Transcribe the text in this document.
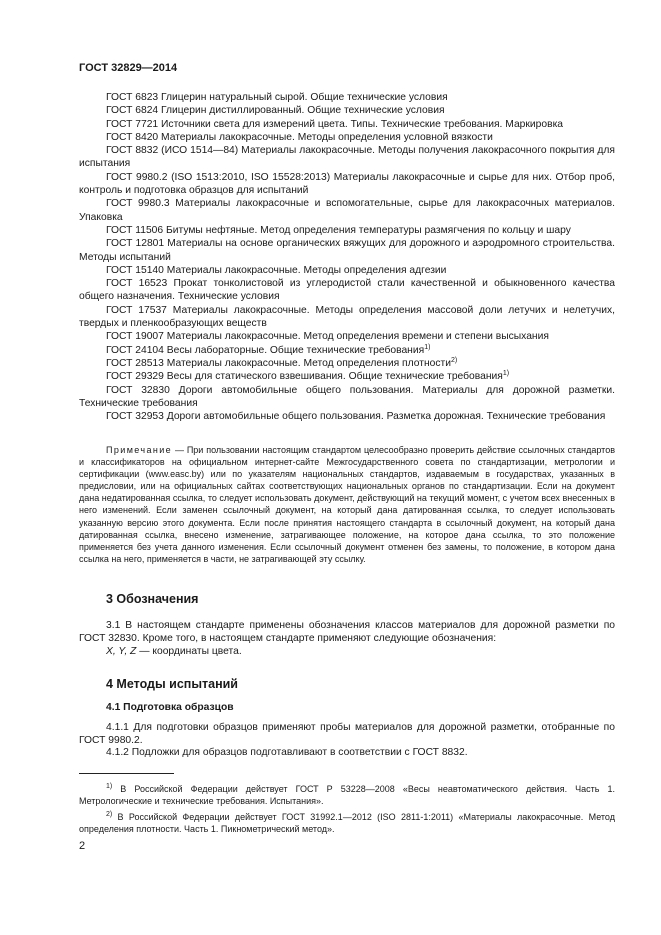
ГОСТ 32829—2014
ГОСТ 6823 Глицерин натуральный сырой. Общие технические условия
ГОСТ 6824 Глицерин дистиллированный. Общие технические условия
ГОСТ 7721 Источники света для измерений цвета. Типы. Технические требования. Маркировка
ГОСТ 8420 Материалы лакокрасочные. Методы определения условной вязкости
ГОСТ 8832 (ИСО 1514—84) Материалы лакокрасочные. Методы получения лакокрасочного покрытия для испытания
ГОСТ 9980.2 (ISO 1513:2010, ISO 15528:2013) Материалы лакокрасочные и сырье для них. Отбор проб, контроль и подготовка образцов для испытаний
ГОСТ 9980.3 Материалы лакокрасочные и вспомогательные, сырье для лакокрасочных материалов. Упаковка
ГОСТ 11506 Битумы нефтяные. Метод определения температуры размягчения по кольцу и шару
ГОСТ 12801 Материалы на основе органических вяжущих для дорожного и аэродромного строительства. Методы испытаний
ГОСТ 15140 Материалы лакокрасочные. Методы определения адгезии
ГОСТ 16523 Прокат тонколистовой из углеродистой стали качественной и обыкновенного качества общего назначения. Технические условия
ГОСТ 17537 Материалы лакокрасочные. Методы определения массовой доли летучих и нелетучих, твердых и пленкообразующих веществ
ГОСТ 19007 Материалы лакокрасочные. Метод определения времени и степени высыхания
ГОСТ 24104 Весы лабораторные. Общие технические требования$^{1)}$
ГОСТ 28513 Материалы лакокрасочные. Метод определения плотности$^{2)}$
ГОСТ 29329 Весы для статического взвешивания. Общие технические требования$^{1)}$
ГОСТ 32830 Дороги автомобильные общего пользования. Материалы для дорожной разметки. Технические требования
ГОСТ 32953 Дороги автомобильные общего пользования. Разметка дорожная. Технические требования
Примечание — При пользовании настоящим стандартом целесообразно проверить действие ссылочных стандартов и классификаторов на официальном интернет-сайте Межгосударственного совета по стандартизации, метрологии и сертификации (www.easc.by) или по указателям национальных стандартов, издаваемым в государствах, указанных в предисловии, или на официальных сайтах соответствующих национальных органов по стандартизации. Если на документ дана недатированная ссылка, то следует использовать документ, действующий на текущий момент, с учетом всех внесенных в него изменений. Если заменен ссылочный документ, на который дана датированная ссылка, то следует использовать указанную версию этого документа. Если после принятия настоящего стандарта в ссылочный документ, на который дана датированная ссылка, внесено изменение, затрагивающее положение, на которое дана ссылка, то это положение применяется без учета данного изменения. Если ссылочный документ отменен без замены, то положение, в котором дана ссылка на него, применяется в части, не затрагивающей эту ссылку.
3 Обозначения
3.1 В настоящем стандарте применены обозначения классов материалов для дорожной разметки по ГОСТ 32830. Кроме того, в настоящем стандарте применяют следующие обозначения:
X, Y, Z — координаты цвета.
4 Методы испытаний
4.1 Подготовка образцов
4.1.1 Для подготовки образцов применяют пробы материалов для дорожной разметки, отобранные по ГОСТ 9980.2.
4.1.2 Подложки для образцов подготавливают в соответствии с ГОСТ 8832.
$^{1)}$ В Российской Федерации действует ГОСТ Р 53228—2008 «Весы неавтоматического действия. Часть 1. Метрологические и технические требования. Испытания».
$^{2)}$ В Российской Федерации действует ГОСТ 31992.1—2012 (ISO 2811-1:2011) «Материалы лакокрасочные. Метод определения плотности. Часть 1. Пикнометрический метод».
2
